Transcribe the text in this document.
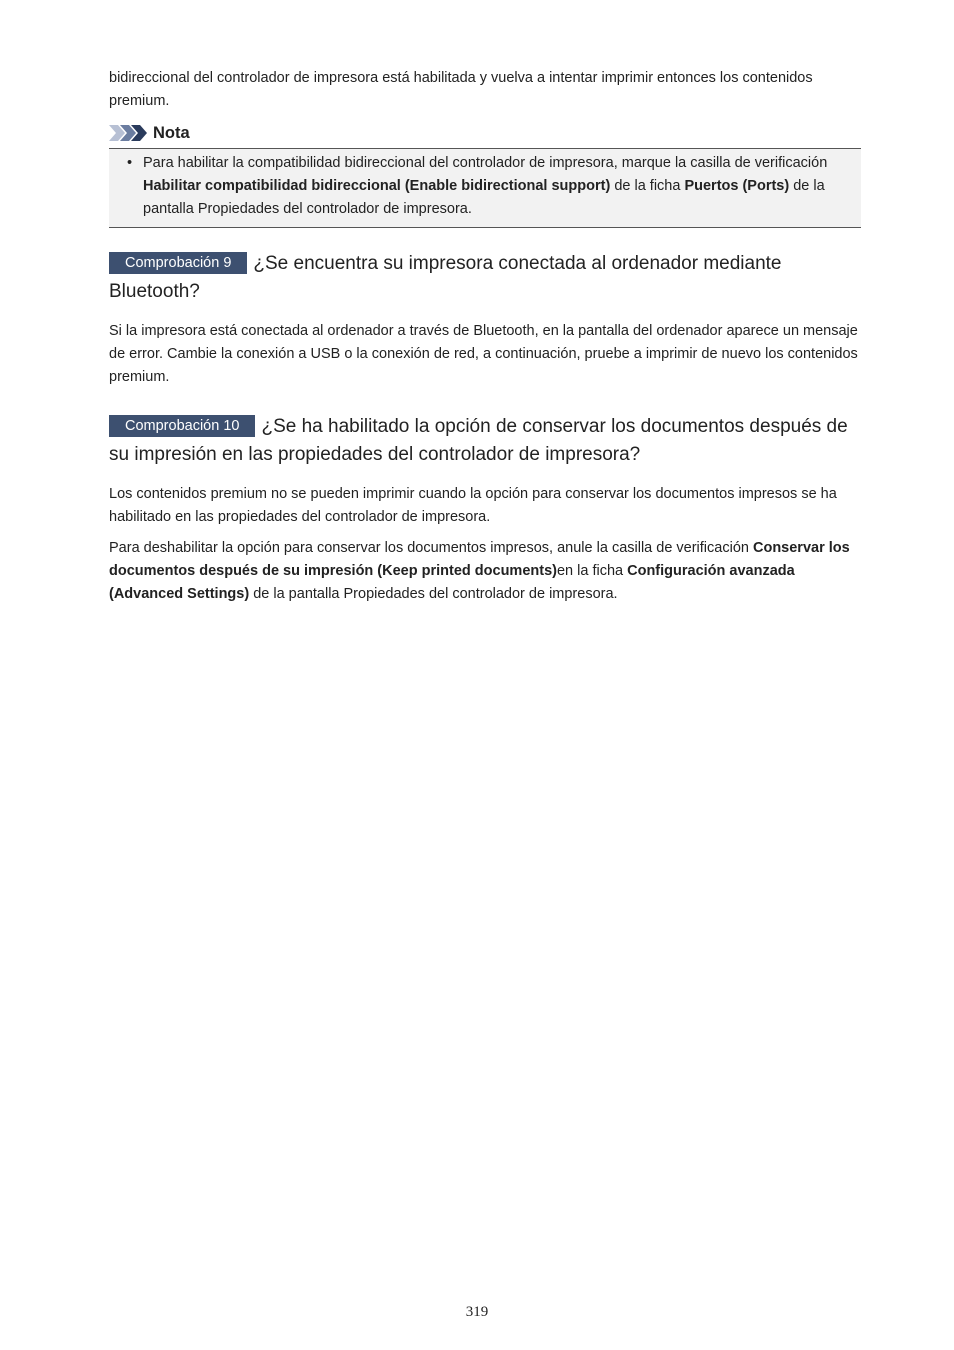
bidireccional del controlador de impresora está habilitada y vuelva a intentar imprimir entonces los contenidos premium.

Nota
• Para habilitar la compatibilidad bidireccional del controlador de impresora, marque la casilla de verificación Habilitar compatibilidad bidireccional (Enable bidirectional support) de la ficha Puertos (Ports) de la pantalla Propiedades del controlador de impresora.
Comprobación 9 ¿Se encuentra su impresora conectada al ordenador mediante Bluetooth?

Si la impresora está conectada al ordenador a través de Bluetooth, en la pantalla del ordenador aparece un mensaje de error. Cambie la conexión a USB o la conexión de red, a continuación, pruebe a imprimir de nuevo los contenidos premium.

Comprobación 10 ¿Se ha habilitado la opción de conservar los documentos después de su impresión en las propiedades del controlador de impresora?

Los contenidos premium no se pueden imprimir cuando la opción para conservar los documentos impresos se ha habilitado en las propiedades del controlador de impresora.

Para deshabilitar la opción para conservar los documentos impresos, anule la casilla de verificación Conservar los documentos después de su impresión (Keep printed documents)en la ficha Configuración avanzada (Advanced Settings) de la pantalla Propiedades del controlador de impresora.

319
